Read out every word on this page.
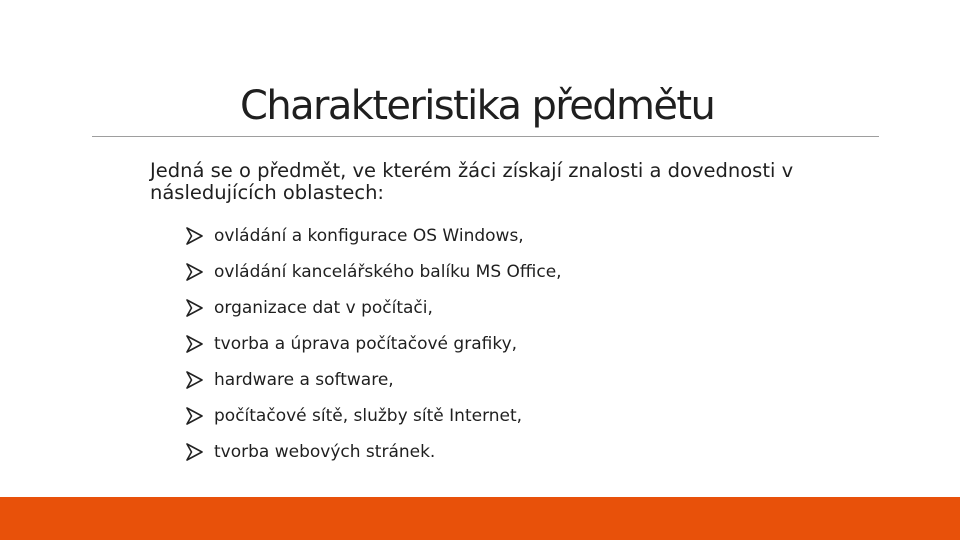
Charakteristika předmětu
Jedná se o předmět, ve kterém žáci získají znalosti a dovednosti v následujících oblastech:
ovládání a konfigurace OS Windows,
ovládání kancelářského balíku MS Office,
organizace dat v počítači,
tvorba a úprava počítačové grafiky,
hardware a software,
počítačové sítě, služby sítě Internet,
tvorba webových stránek.
